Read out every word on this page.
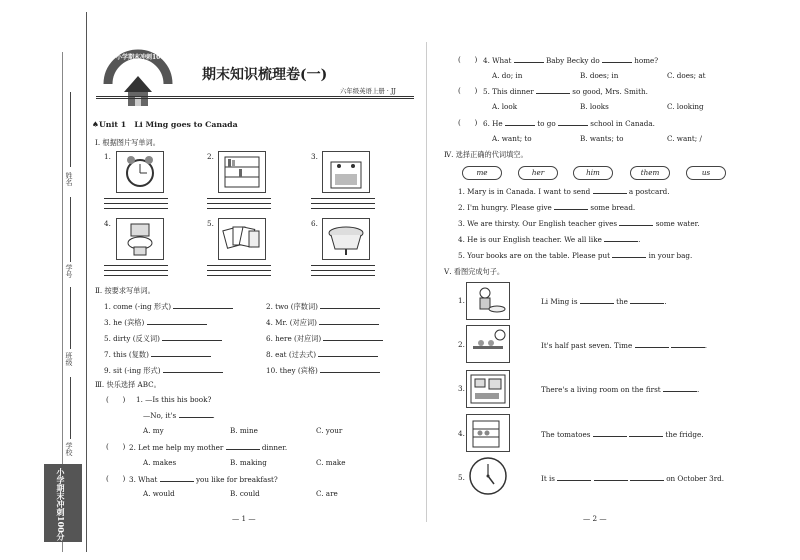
姓名
学号
班级
学校
小学期末冲刺100分
小学期末冲刺100分
期末知识梳理卷(一)
六年级英语上册 · JJ
♠Unit 1 Li Ming goes to Canada
Ⅰ. 根据图片写单词。
1.	2.	3.
4.	5.	6.
Ⅱ. 按要求写单词。
1. come (-ing 形式)	2. two (序数词)
3. he (宾格)	4. Mr. (对应词)
5. dirty (反义词)	6. here (对应词)
7. this (复数)	8. eat (过去式)
9. sit (-ing 形式)	10. they (宾格)
Ⅲ. 快乐选择 ABC。
( ) 1. —Is this his book?
—No, it's	.
A. my	B. mine	C. your
( ) 2. Let me help my mother	dinner.
A. makes	B. making	C. make
( ) 3. What	you like for breakfast?
A. would	B. could	C. are
— 1 —
( ) 4. What	Baby Becky do	home?
A. do; in	B. does; in	C. does; at
( ) 5. This dinner	so good, Mrs. Smith.
A. look	B. looks	C. looking
( ) 6. He	to go	school in Canada.
A. want; to	B. wants; to	C. want; /
Ⅳ. 选择正确的代词填空。
me	her	him	them	us
1. Mary is in Canada. I want to send	a postcard.
2. I'm hungry. Please give	some bread.
3. We are thirsty. Our English teacher gives	some water.
4. He is our English teacher. We all like	.
5. Your books are on the table. Please put	in your bag.
Ⅴ. 看图完成句子。
1.	Li Ming is	the	.
2.	It's half past seven. Time	.
3.	There's a living room on the first	.
4.	The tomatoes	the fridge.
5.	It is	on October 3rd.
— 2 —
